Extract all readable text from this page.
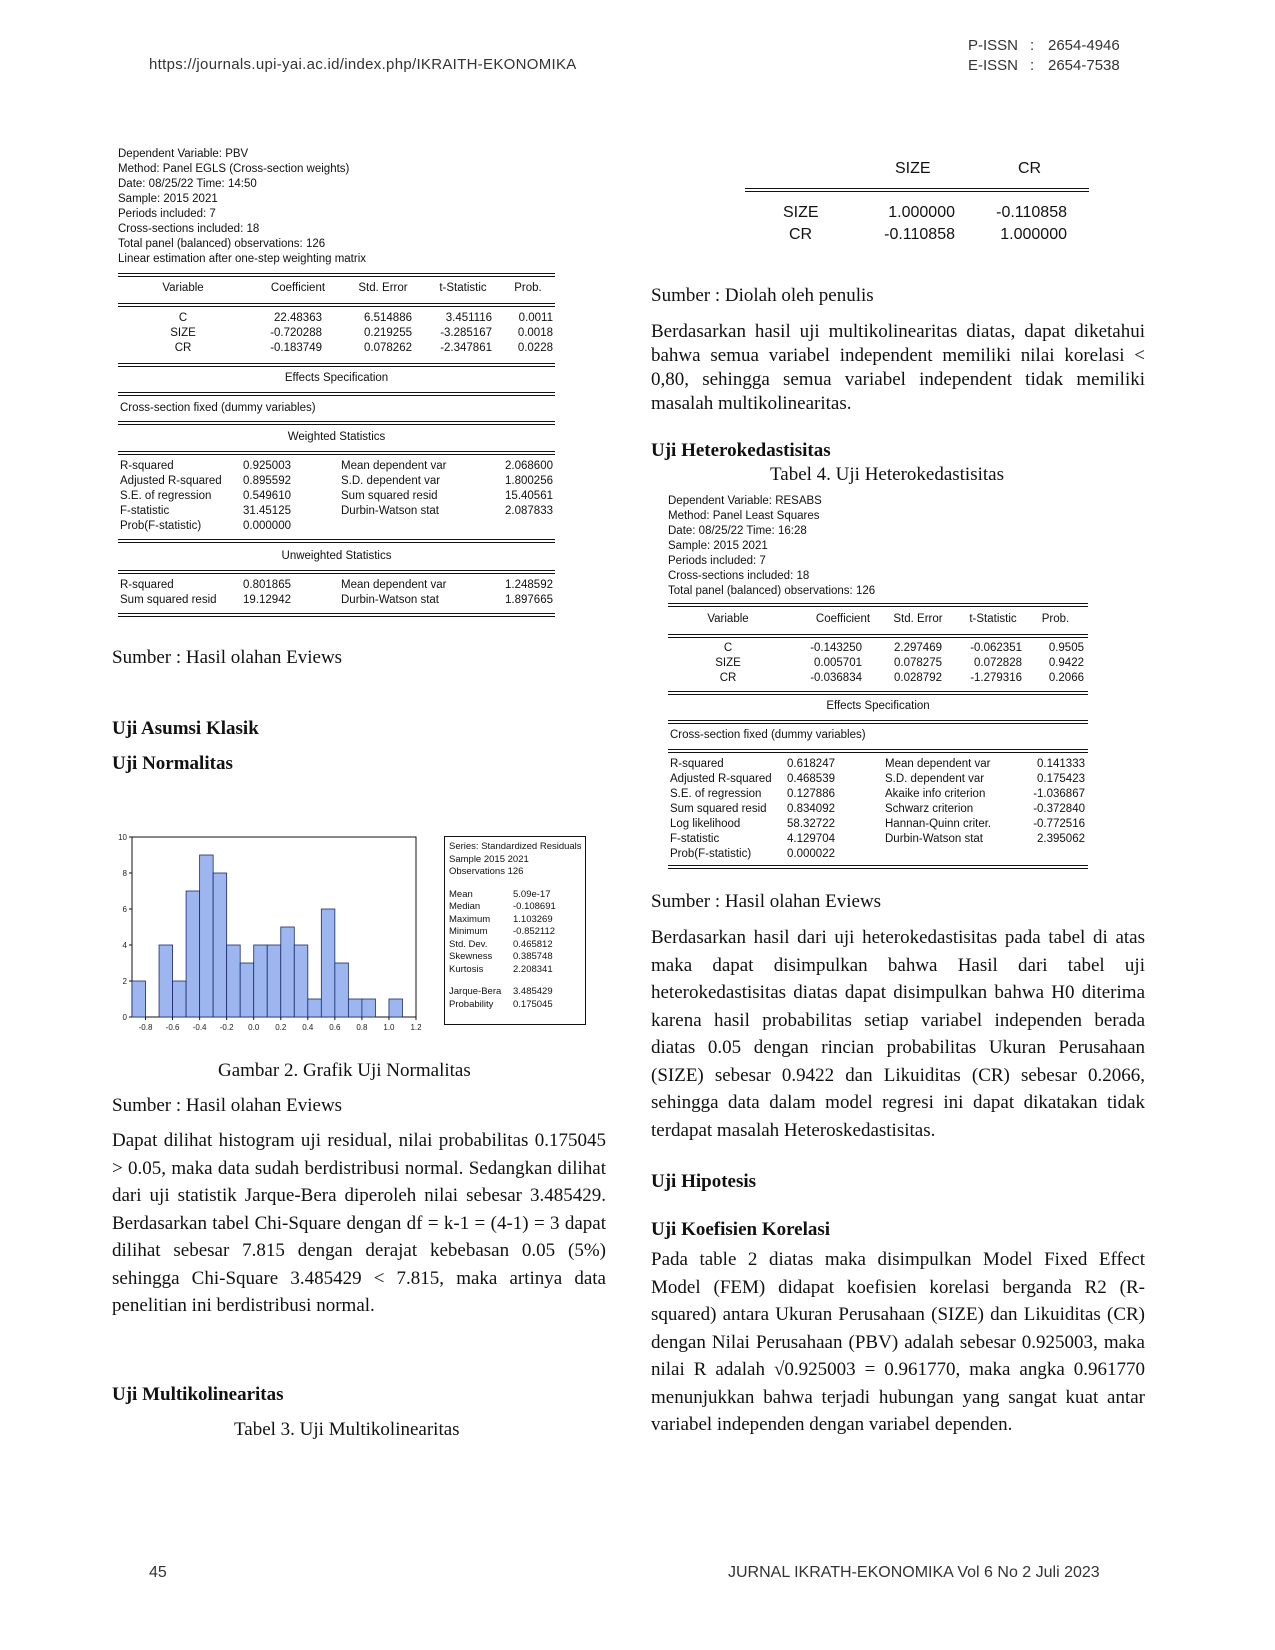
https://journals.upi-yai.ac.id/index.php/IKRAITH-EKONOMIKA
P-ISSN : 2654-4946
E-ISSN : 2654-7538
Dependent Variable: PBV
Method: Panel EGLS (Cross-section weights)
Date: 08/25/22 Time: 14:50
Sample: 2015 2021
Periods included: 7
Cross-sections included: 18
Total panel (balanced) observations: 126
Linear estimation after one-step weighting matrix
Variable	Coefficient	Std. Error	t-Statistic	Prob.
C	22.48363	6.514886	3.451116	0.0011
SIZE	-0.720288	0.219255	-3.285167	0.0018
CR	-0.183749	0.078262	-2.347861	0.0228
Effects Specification
Cross-section fixed (dummy variables)
Weighted Statistics
R-squared	0.925003	Mean dependent var	2.068600
Adjusted R-squared	0.895592	S.D. dependent var	1.800256
S.E. of regression	0.549610	Sum squared resid	15.40561
F-statistic	31.45125	Durbin-Watson stat	2.087833
Prob(F-statistic)	0.000000
Unweighted Statistics
R-squared	0.801865	Mean dependent var	1.248592
Sum squared resid	19.12942	Durbin-Watson stat	1.897665
Sumber : Hasil olahan Eviews
Uji Asumsi Klasik
Uji Normalitas
0
2
4
6
8
10
-0.8 -0.6 -0.4 -0.2 0.0 0.2 0.4 0.6 0.8 1.0 1.2
Series: Standardized Residuals
Sample 2015 2021
Observations 126
Mean	5.09e-17
Median	-0.108691
Maximum	1.103269
Minimum	-0.852112
Std. Dev.	0.465812
Skewness	0.385748
Kurtosis	2.208341
Jarque-Bera	3.485429
Probability	0.175045
Gambar 2. Grafik Uji Normalitas
Sumber : Hasil olahan Eviews

Dapat dilihat histogram uji residual, nilai probabilitas 0.175045 > 0.05, maka data sudah berdistribusi normal. Sedangkan dilihat dari uji statistik Jarque-Bera diperoleh nilai sebesar 3.485429. Berdasarkan tabel Chi-Square dengan df = k-1 = (4-1) = 3 dapat dilihat sebesar 7.815 dengan derajat kebebasan 0.05 (5%) sehingga Chi-Square 3.485429 < 7.815, maka artinya data penelitian ini berdistribusi normal.

Uji Multikolinearitas
Tabel 3. Uji Multikolinearitas
SIZE	CR
SIZE	1.000000	-0.110858
CR	-0.110858	1.000000
Sumber : Diolah oleh penulis

Berdasarkan hasil uji multikolinearitas diatas, dapat diketahui bahwa semua variabel independent memiliki nilai korelasi < 0,80, sehingga semua variabel independent tidak memiliki masalah multikolinearitas.

Uji Heterokedastisitas
Tabel 4. Uji Heterokedastisitas
Dependent Variable: RESABS
Method: Panel Least Squares
Date: 08/25/22 Time: 16:28
Sample: 2015 2021
Periods included: 7
Cross-sections included: 18
Total panel (balanced) observations: 126
Variable	Coefficient	Std. Error	t-Statistic	Prob.
C	-0.143250	2.297469	-0.062351	0.9505
SIZE	0.005701	0.078275	0.072828	0.9422
CR	-0.036834	0.028792	-1.279316	0.2066
Effects Specification
Cross-section fixed (dummy variables)
R-squared	0.618247	Mean dependent var	0.141333
Adjusted R-squared	0.468539	S.D. dependent var	0.175423
S.E. of regression	0.127886	Akaike info criterion	-1.036867
Sum squared resid	0.834092	Schwarz criterion	-0.372840
Log likelihood	58.32722	Hannan-Quinn criter.	-0.772516
F-statistic	4.129704	Durbin-Watson stat	2.395062
Prob(F-statistic)	0.000022
Sumber : Hasil olahan Eviews

Berdasarkan hasil dari uji heterokedastisitas pada tabel di atas maka dapat disimpulkan bahwa Hasil dari tabel uji heterokedastisitas diatas dapat disimpulkan bahwa H0 diterima karena hasil probabilitas setiap variabel independen berada diatas 0.05 dengan rincian probabilitas Ukuran Perusahaan (SIZE) sebesar 0.9422 dan Likuiditas (CR) sebesar 0.2066, sehingga data dalam model regresi ini dapat dikatakan tidak terdapat masalah Heteroskedastisitas.

Uji Hipotesis
Uji Koefisien Korelasi

Pada table 2 diatas maka disimpulkan Model Fixed Effect Model (FEM) didapat koefisien korelasi berganda R2 (R-squared) antara Ukuran Perusahaan (SIZE) dan Likuiditas (CR) dengan Nilai Perusahaan (PBV) adalah sebesar 0.925003, maka nilai R adalah √0.925003 = 0.961770, maka angka 0.961770 menunjukkan bahwa terjadi hubungan yang sangat kuat antar variabel independen dengan variabel dependen.

45	JURNAL IKRATH-EKONOMIKA Vol 6 No 2 Juli 2023
